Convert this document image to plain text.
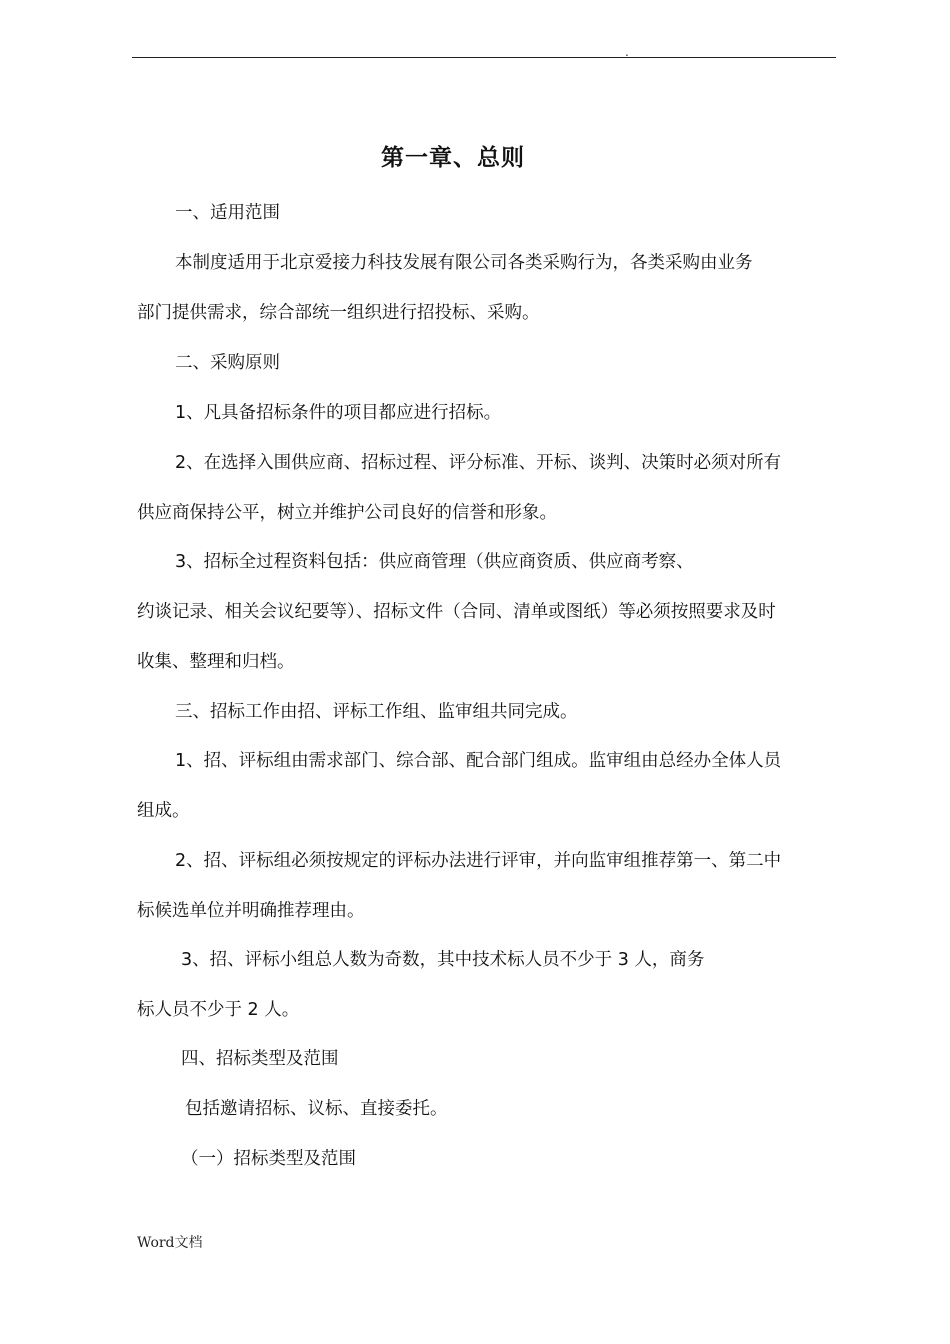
.
第一章、总则
一、适用范围
本制度适用于北京爱接力科技发展有限公司各类采购行为，各类采购由业务
部门提供需求，综合部统一组织进行招投标、采购。
二、采购原则
1、凡具备招标条件的项目都应进行招标。
2、在选择入围供应商、招标过程、评分标准、开标、谈判、决策时必须对所有
供应商保持公平，树立并维护公司良好的信誉和形象。
3、招标全过程资料包括：供应商管理（供应商资质、供应商考察、
约谈记录、相关会议纪要等）、招标文件（合同、清单或图纸）等必须按照要求及时
收集、整理和归档。
三、招标工作由招、评标工作组、监审组共同完成。
1、招、评标组由需求部门、综合部、配合部门组成。监审组由总经办全体人员
组成。
2、招、评标组必须按规定的评标办法进行评审，并向监审组推荐第一、第二中
标候选单位并明确推荐理由。
3、招、评标小组总人数为奇数，其中技术标人员不少于 3 人，商务
标人员不少于 2 人。
四、招标类型及范围
包括邀请招标、议标、直接委托。
（一）招标类型及范围
Word文档
